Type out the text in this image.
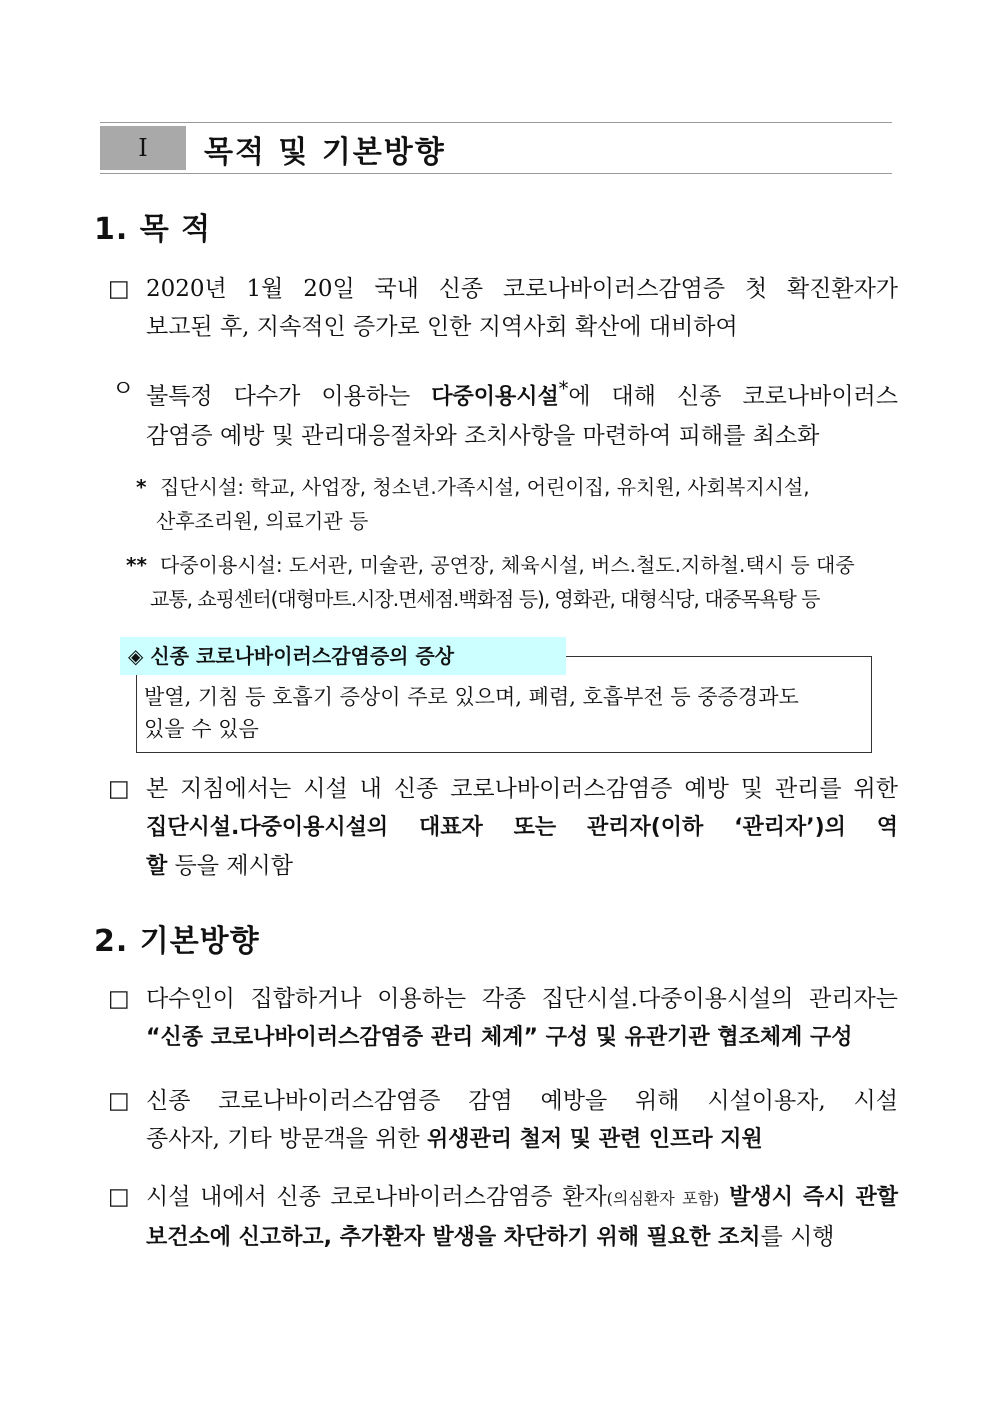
I	목적 및 기본방향
1. 목 적
□ 2020년 1월 20일 국내 신종 코로나바이러스감염증 첫 확진환자가
보고된 후, 지속적인 증가로 인한 지역사회 확산에 대비하여
ㅇ 불특정 다수가 이용하는 다중이용시설*에 대해 신종 코로나바이러스
감염증 예방 및 관리대응절차와 조치사항을 마련하여 피해를 최소화
* 집단시설: 학교, 사업장, 청소년.가족시설, 어린이집, 유치원, 사회복지시설,
산후조리원, 의료기관 등
** 다중이용시설: 도서관, 미술관, 공연장, 체육시설, 버스.철도.지하철.택시 등 대중
교통, 쇼핑센터(대형마트.시장.면세점.백화점 등), 영화관, 대형식당, 대중목욕탕 등
◈ 신종 코로나바이러스감염증의 증상
발열, 기침 등 호흡기 증상이 주로 있으며, 폐렴, 호흡부전 등 중증경과도
있을 수 있음
□ 본 지침에서는 시설 내 신종 코로나바이러스감염증 예방 및 관리를 위한
집단시설.다중이용시설의 대표자 또는 관리자(이하 ‘관리자’)의 역
할 등을 제시함
2. 기본방향
□ 다수인이 집합하거나 이용하는 각종 집단시설.다중이용시설의 관리자는
“신종 코로나바이러스감염증 관리 체계” 구성 및 유관기관 협조체계 구성
□ 신종 코로나바이러스감염증 감염 예방을 위해 시설이용자, 시설
종사자, 기타 방문객을 위한 위생관리 철저 및 관련 인프라 지원
□ 시설 내에서 신종 코로나바이러스감염증 환자(의심환자 포함) 발생시 즉시 관할
보건소에 신고하고, 추가환자 발생을 차단하기 위해 필요한 조치를 시행
